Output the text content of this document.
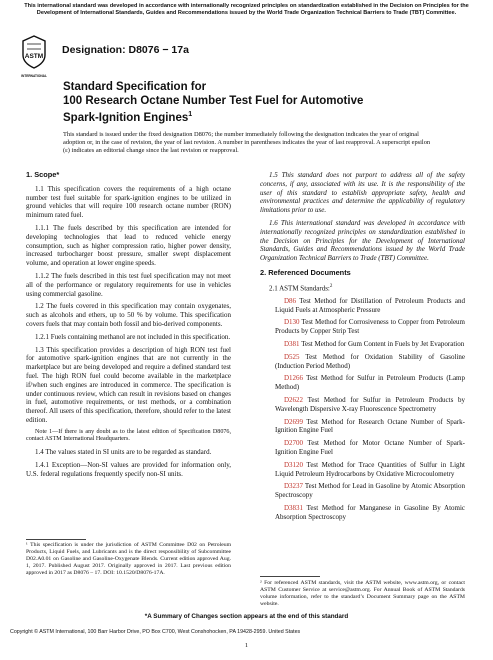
This international standard was developed in accordance with internationally recognized principles on standardization established in the Decision on Principles for the Development of International Standards, Guides and Recommendations issued by the World Trade Organization Technical Barriers to Trade (TBT) Committee.
ASTM
INTERNATIONAL
Designation: D8076 − 17a
Standard Specification for
100 Research Octane Number Test Fuel for Automotive
Spark-Ignition Engines$^1$
This standard is issued under the fixed designation D8076; the number immediately following the designation indicates the year of original adoption or, in the case of revision, the year of last revision. A number in parentheses indicates the year of last reapproval. A superscript epsilon (ε) indicates an editorial change since the last revision or reapproval.
1. Scope*

1.1 This specification covers the requirements of a high octane number test fuel suitable for spark-ignition engines to be utilized in ground vehicles that will require 100 research octane number (RON) minimum rated fuel.

1.1.1 The fuels described by this specification are intended for developing technologies that lead to reduced vehicle energy consumption, such as higher compression ratio, higher power density, increased turbocharger boost pressure, smaller swept displacement volume, and operation at lower engine speeds.

1.1.2 The fuels described in this test fuel specification may not meet all of the performance or regulatory requirements for use in vehicles using commercial gasoline.

1.2 The fuels covered in this specification may contain oxygenates, such as alcohols and ethers, up to 50 % by volume. This specification covers fuels that may contain both fossil and bio-derived components.

1.2.1 Fuels containing methanol are not included in this specification.

1.3 This specification provides a description of high RON test fuel for automotive spark-ignition engines that are not currently in the marketplace but are being developed and require a defined standard test fuel. The high RON fuel could become available in the marketplace if/when such engines are introduced in commerce. The specification is under continuous review, which can result in revisions based on changes in fuel, automotive requirements, or test methods, or a combination thereof. All users of this specification, therefore, should refer to the latest edition.

Note 1—If there is any doubt as to the latest edition of Specification D8076, contact ASTM International Headquarters.

1.4 The values stated in SI units are to be regarded as standard.

1.4.1 Exception—Non-SI values are provided for information only, U.S. federal regulations frequently specify non-SI units.

1.5 This standard does not purport to address all of the safety concerns, if any, associated with its use. It is the responsibility of the user of this standard to establish appropriate safety, health and environmental practices and determine the applicability of regulatory limitations prior to use.

1.6 This international standard was developed in accordance with internationally recognized principles on standardization established in the Decision on Principles for the Development of International Standards, Guides and Recommendations issued by the World Trade Organization Technical Barriers to Trade (TBT) Committee.

2. Referenced Documents

2.1 ASTM Standards:$^2$

D86 Test Method for Distillation of Petroleum Products and Liquid Fuels at Atmospheric Pressure

D130 Test Method for Corrosiveness to Copper from Petroleum Products by Copper Strip Test

D381 Test Method for Gum Content in Fuels by Jet Evaporation

D525 Test Method for Oxidation Stability of Gasoline (Induction Period Method)

D1266 Test Method for Sulfur in Petroleum Products (Lamp Method)

D2622 Test Method for Sulfur in Petroleum Products by Wavelength Dispersive X-ray Fluorescence Spectrometry

D2699 Test Method for Research Octane Number of Spark-Ignition Engine Fuel

D2700 Test Method for Motor Octane Number of Spark-Ignition Engine Fuel

D3120 Test Method for Trace Quantities of Sulfur in Light Liquid Petroleum Hydrocarbons by Oxidative Microcoulometry

D3237 Test Method for Lead in Gasoline by Atomic Absorption Spectroscopy

D3831 Test Method for Manganese in Gasoline By Atomic Absorption Spectroscopy

¹ This specification is under the jurisdiction of ASTM Committee D02 on Petroleum Products, Liquid Fuels, and Lubricants and is the direct responsibility of Subcommittee D02.A0.01 on Gasoline and Gasoline-Oxygenate Blends. Current edition approved Aug. 1, 2017. Published August 2017. Originally approved in 2017. Last previous edition approved in 2017 as D8076 – 17. DOI: 10.1520/D8076-17A.
² For referenced ASTM standards, visit the ASTM website, www.astm.org, or contact ASTM Customer Service at service@astm.org. For Annual Book of ASTM Standards volume information, refer to the standard’s Document Summary page on the ASTM website.
*A Summary of Changes section appears at the end of this standard
Copyright © ASTM International, 100 Barr Harbor Drive, PO Box C700, West Conshohocken, PA 19428-2959. United States
1
